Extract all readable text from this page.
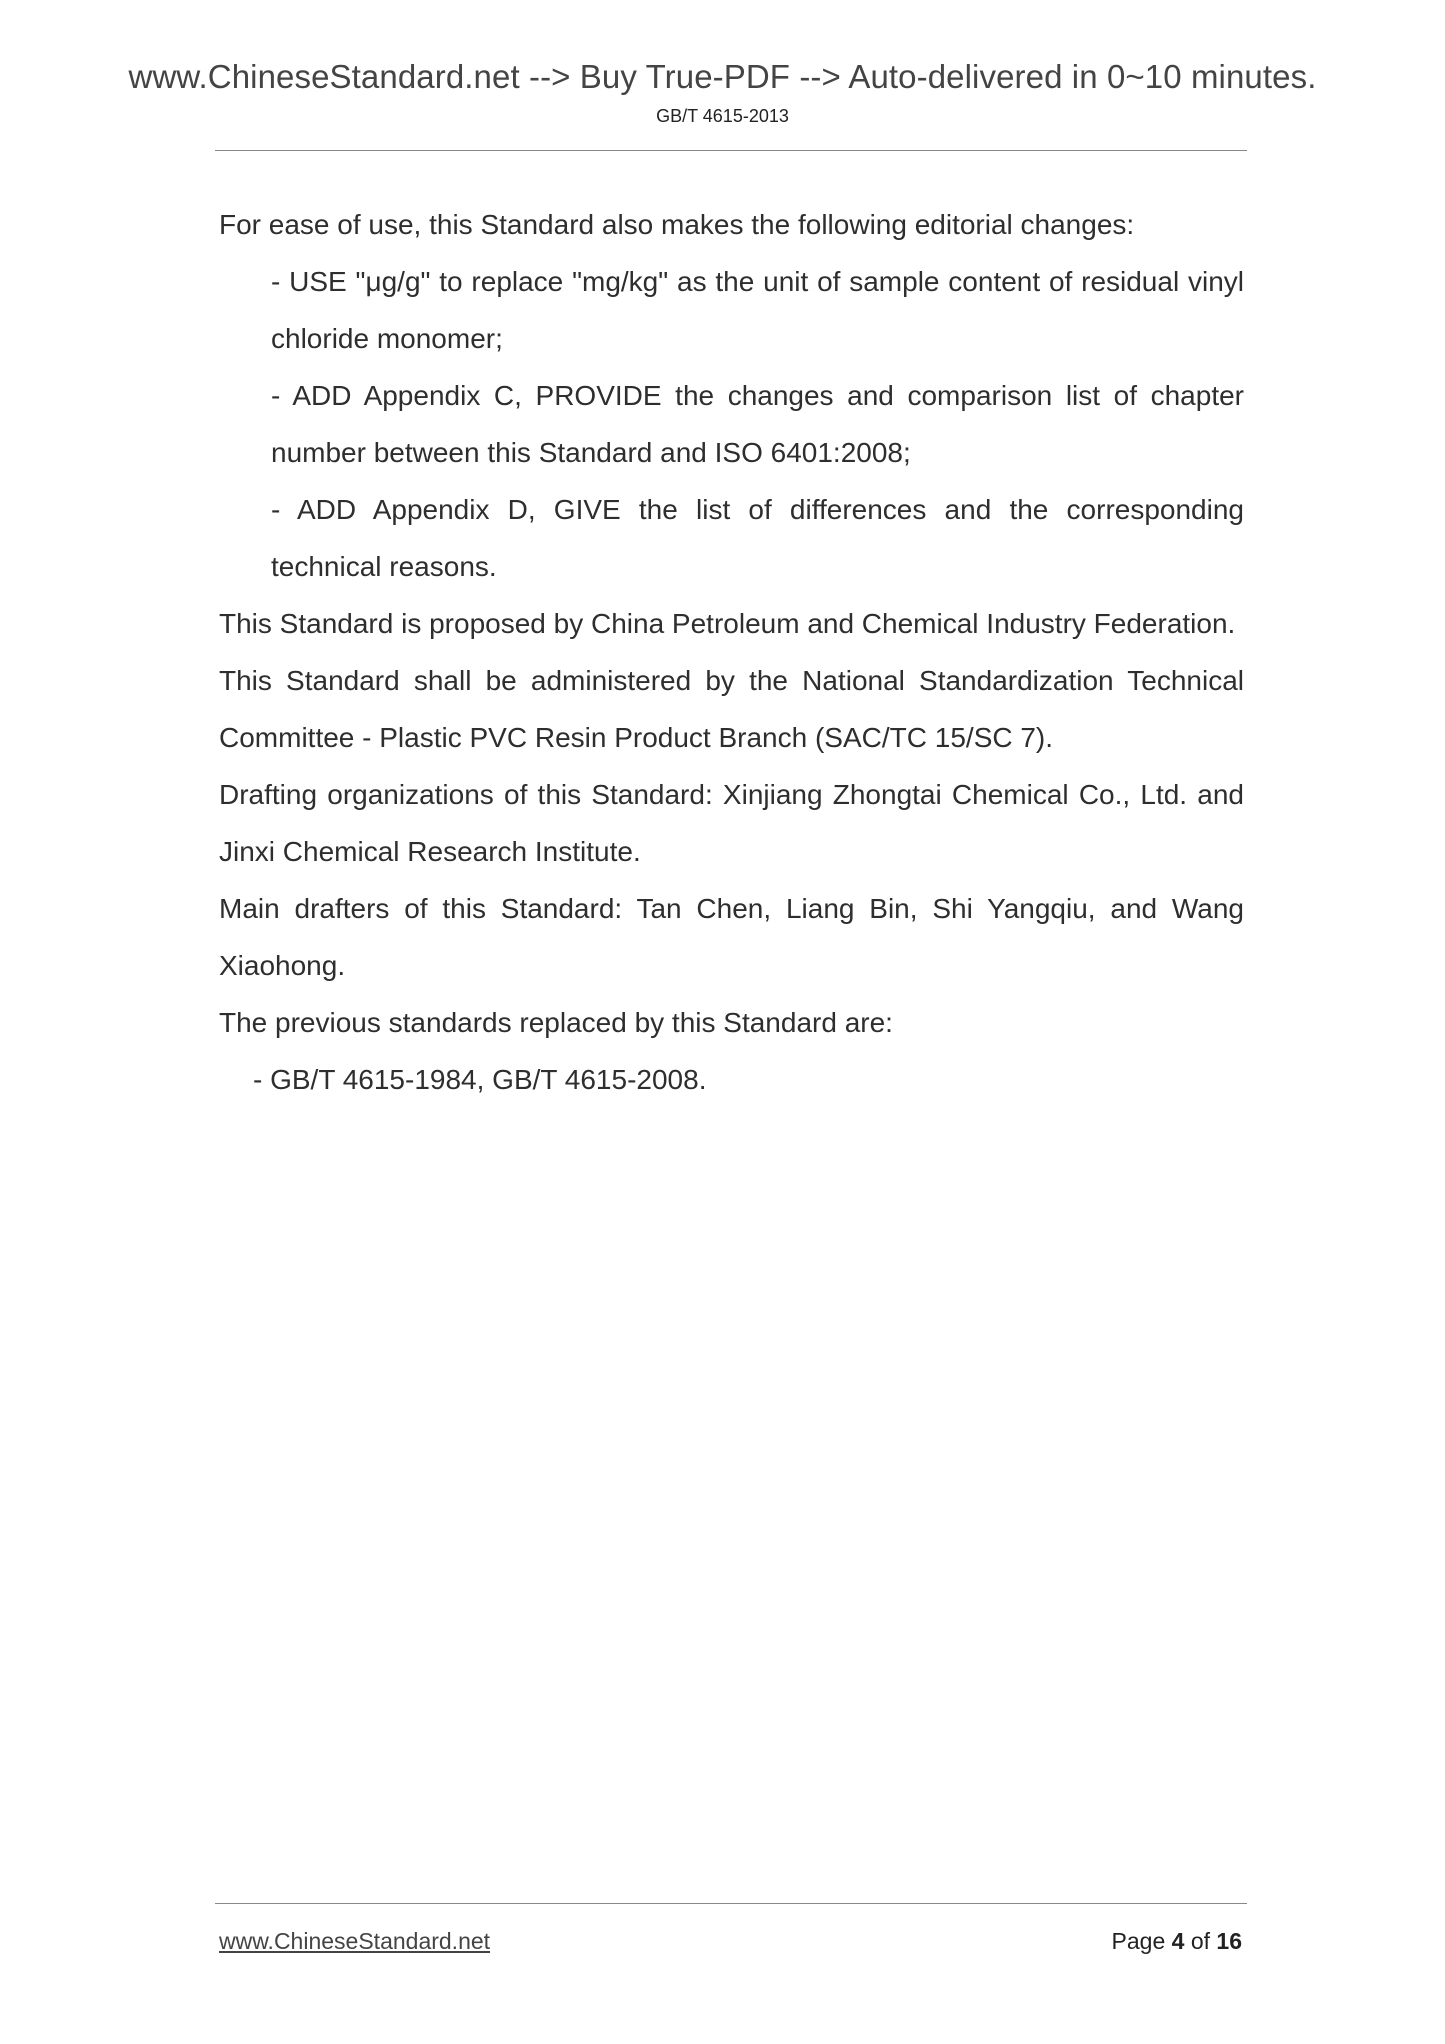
www.ChineseStandard.net --> Buy True-PDF --> Auto-delivered in 0~10 minutes.
GB/T 4615-2013

For ease of use, this Standard also makes the following editorial changes:

- USE "μg/g" to replace "mg/kg" as the unit of sample content of residual vinyl chloride monomer;

- ADD Appendix C, PROVIDE the changes and comparison list of chapter number between this Standard and ISO 6401:2008;

- ADD Appendix D, GIVE the list of differences and the corresponding technical reasons.

This Standard is proposed by China Petroleum and Chemical Industry Federation.

This Standard shall be administered by the National Standardization Technical Committee - Plastic PVC Resin Product Branch (SAC/TC 15/SC 7).

Drafting organizations of this Standard: Xinjiang Zhongtai Chemical Co., Ltd. and Jinxi Chemical Research Institute.

Main drafters of this Standard: Tan Chen, Liang Bin, Shi Yangqiu, and Wang Xiaohong.

The previous standards replaced by this Standard are:

- GB/T 4615-1984, GB/T 4615-2008.

www.ChineseStandard.net	Page 4 of 16
